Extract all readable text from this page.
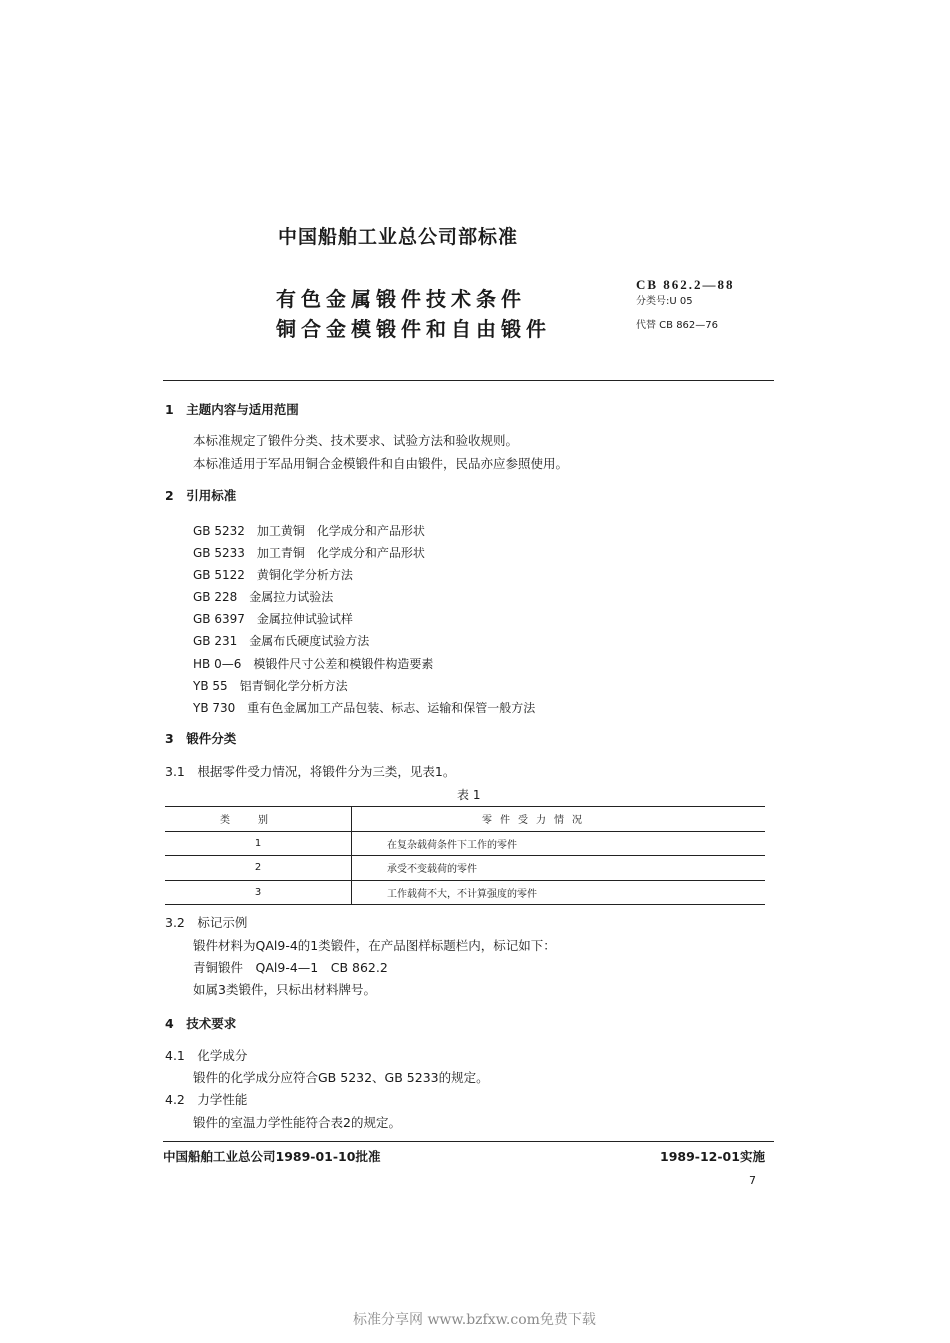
中国船舶工业总公司部标准
有色金属锻件技术条件
铜合金模锻件和自由锻件
CB 862.2—88
分类号:U 05
代替 CB 862—76
1　主题内容与适用范围
本标准规定了锻件分类、技术要求、试验方法和验收规则。
本标准适用于军品用铜合金模锻件和自由锻件，民品亦应参照使用。
2　引用标准
GB 5232　加工黄铜　化学成分和产品形状
GB 5233　加工青铜　化学成分和产品形状
GB 5122　黄铜化学分析方法
GB 228　金属拉力试验法
GB 6397　金属拉伸试验试样
GB 231　金属布氏硬度试验方法
HB 0—6　模锻件尺寸公差和模锻件构造要素
YB 55　铝青铜化学分析方法
YB 730　重有色金属加工产品包装、标志、运输和保管一般方法
3　锻件分类
3.1　根据零件受力情况，将锻件分为三类，见表1。
表 1
类别	零件受力情况
1	在复杂载荷条件下工作的零件
2	承受不变载荷的零件
3	工作载荷不大，不计算强度的零件
3.2　标记示例
锻件材料为QAl9-4的1类锻件，在产品图样标题栏内，标记如下：
青铜锻件　QAl9-4—1　CB 862.2
如属3类锻件，只标出材料牌号。
4　技术要求
4.1　化学成分
锻件的化学成分应符合GB 5232、GB 5233的规定。
4.2　力学性能
锻件的室温力学性能符合表2的规定。
中国船舶工业总公司1989-01-10批准	1989-12-01实施
7
标准分享网 www.bzfxw.com免费下载
